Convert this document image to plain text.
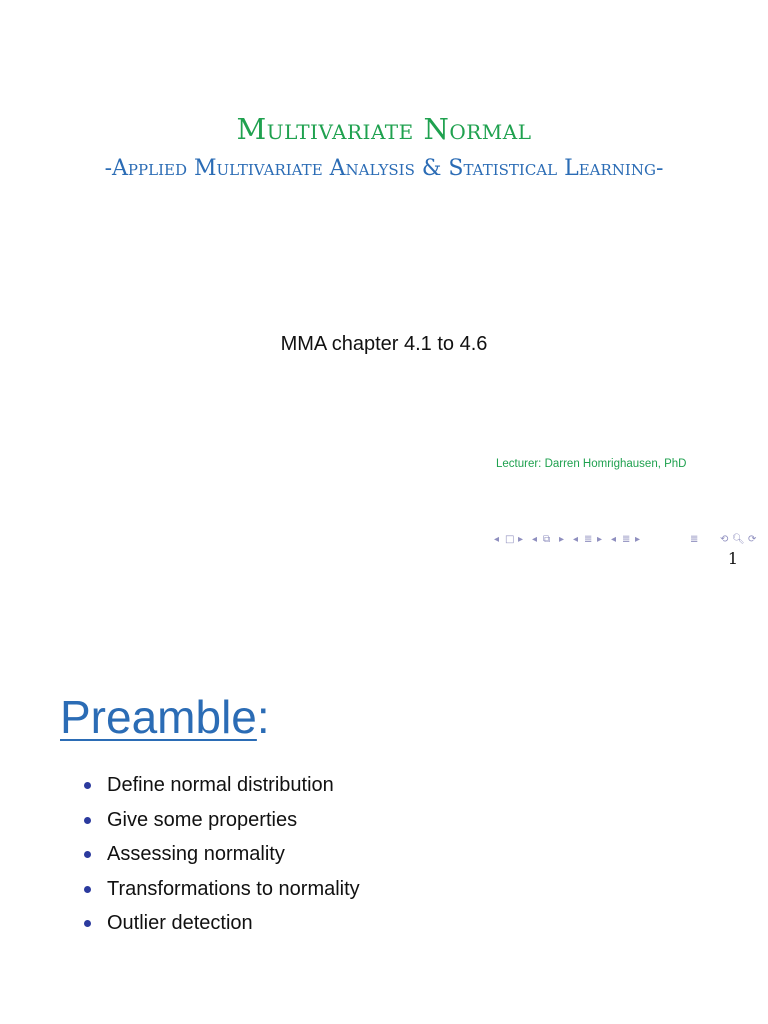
Multivariate Normal
-Applied Multivariate Analysis & Statistical Learning-
MMA chapter 4.1 to 4.6
Lecturer: Darren Homrighausen, PhD
◂ □ ▸ ◂ ⧉ ▸ ◂ ≣ ▸ ◂ ≣ ▸	≣ ⟲ 🔍︎ ⟳
1
Preamble:
Define normal distribution
Give some properties
Assessing normality
Transformations to normality
Outlier detection
